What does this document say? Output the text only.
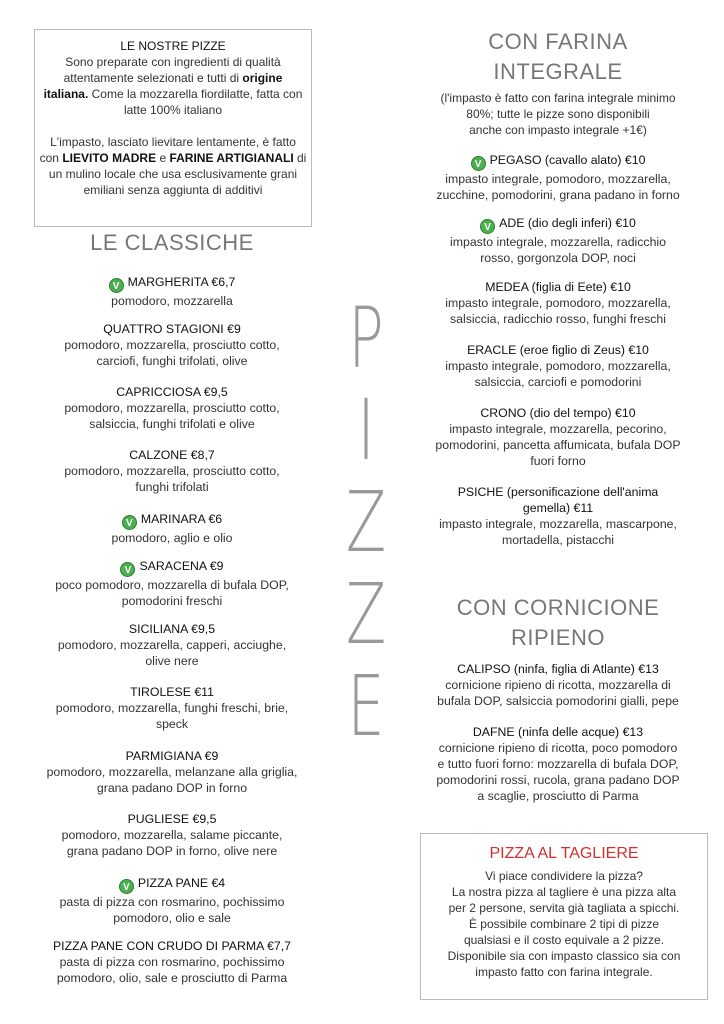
LE NOSTRE PIZZE
Sono preparate con ingredienti di qualità attentamente selezionati e tutti di origine italiana. Come la mozzarella fiordilatte, fatta con latte 100% italiano
L'impasto, lasciato lievitare lentamente, è fatto con LIEVITO MADRE e FARINE ARTIGIANALI di un mulino locale che usa esclusivamente grani emiliani senza aggiunta di additivi
LE CLASSICHE
V MARGHERITA €6,7
pomodoro, mozzarella
QUATTRO STAGIONI €9
pomodoro, mozzarella, prosciutto cotto,
carciofi, funghi trifolati, olive
CAPRICCIOSA €9,5
pomodoro, mozzarella, prosciutto cotto,
salsiccia, funghi trifolati e olive
CALZONE €8,7
pomodoro, mozzarella, prosciutto cotto,
funghi trifolati
V MARINARA €6
pomodoro, aglio e olio
V SARACENA €9
poco pomodoro, mozzarella di bufala DOP,
pomodorini freschi
SICILIANA €9,5
pomodoro, mozzarella, capperi, acciughe,
olive nere
TIROLESE €11
pomodoro, mozzarella, funghi freschi, brie,
speck
PARMIGIANA €9
pomodoro, mozzarella, melanzane alla griglia,
grana padano DOP in forno
PUGLIESE €9,5
pomodoro, mozzarella, salame piccante,
grana padano DOP in forno, olive nere
V PIZZA PANE €4
pasta di pizza con rosmarino, pochissimo
pomodoro, olio e sale
PIZZA PANE CON CRUDO DI PARMA €7,7
pasta di pizza con rosmarino, pochissimo
pomodoro, olio, sale e prosciutto di Parma
P
I
Z
Z
E
CON FARINA
INTEGRALE
(l'impasto è fatto con farina integrale minimo
80%; tutte le pizze sono disponibili
anche con impasto integrale +1€)
V PEGASO (cavallo alato) €10
impasto integrale, pomodoro, mozzarella,
zucchine, pomodorini, grana padano in forno
V ADE (dio degli inferi) €10
impasto integrale, mozzarella, radicchio
rosso, gorgonzola DOP, noci
MEDEA (figlia di Eete) €10
impasto integrale, pomodoro, mozzarella,
salsiccia, radicchio rosso, funghi freschi
ERACLE (eroe figlio di Zeus) €10
impasto integrale, pomodoro, mozzarella,
salsiccia, carciofi e pomodorini
CRONO (dio del tempo) €10
impasto integrale, mozzarella, pecorino,
pomodorini, pancetta affumicata, bufala DOP
fuori forno
PSICHE (personificazione dell'anima
gemella) €11
impasto integrale, mozzarella, mascarpone,
mortadella, pistacchi
CON CORNICIONE
RIPIENO
CALIPSO (ninfa, figlia di Atlante) €13
cornicione ripieno di ricotta, mozzarella di
bufala DOP, salsiccia pomodorini gialli, pepe
DAFNE (ninfa delle acque) €13
cornicione ripieno di ricotta, poco pomodoro
e tutto fuori forno: mozzarella di bufala DOP,
pomodorini rossi, rucola, grana padano DOP
a scaglie, prosciutto di Parma
PIZZA AL TAGLIERE
Vi piace condividere la pizza?
La nostra pizza al tagliere è una pizza alta
per 2 persone, servita già tagliata a spicchi.
È possibile combinare 2 tipi di pizze
qualsiasi e il costo equivale a 2 pizze.
Disponibile sia con impasto classico sia con
impasto fatto con farina integrale.
